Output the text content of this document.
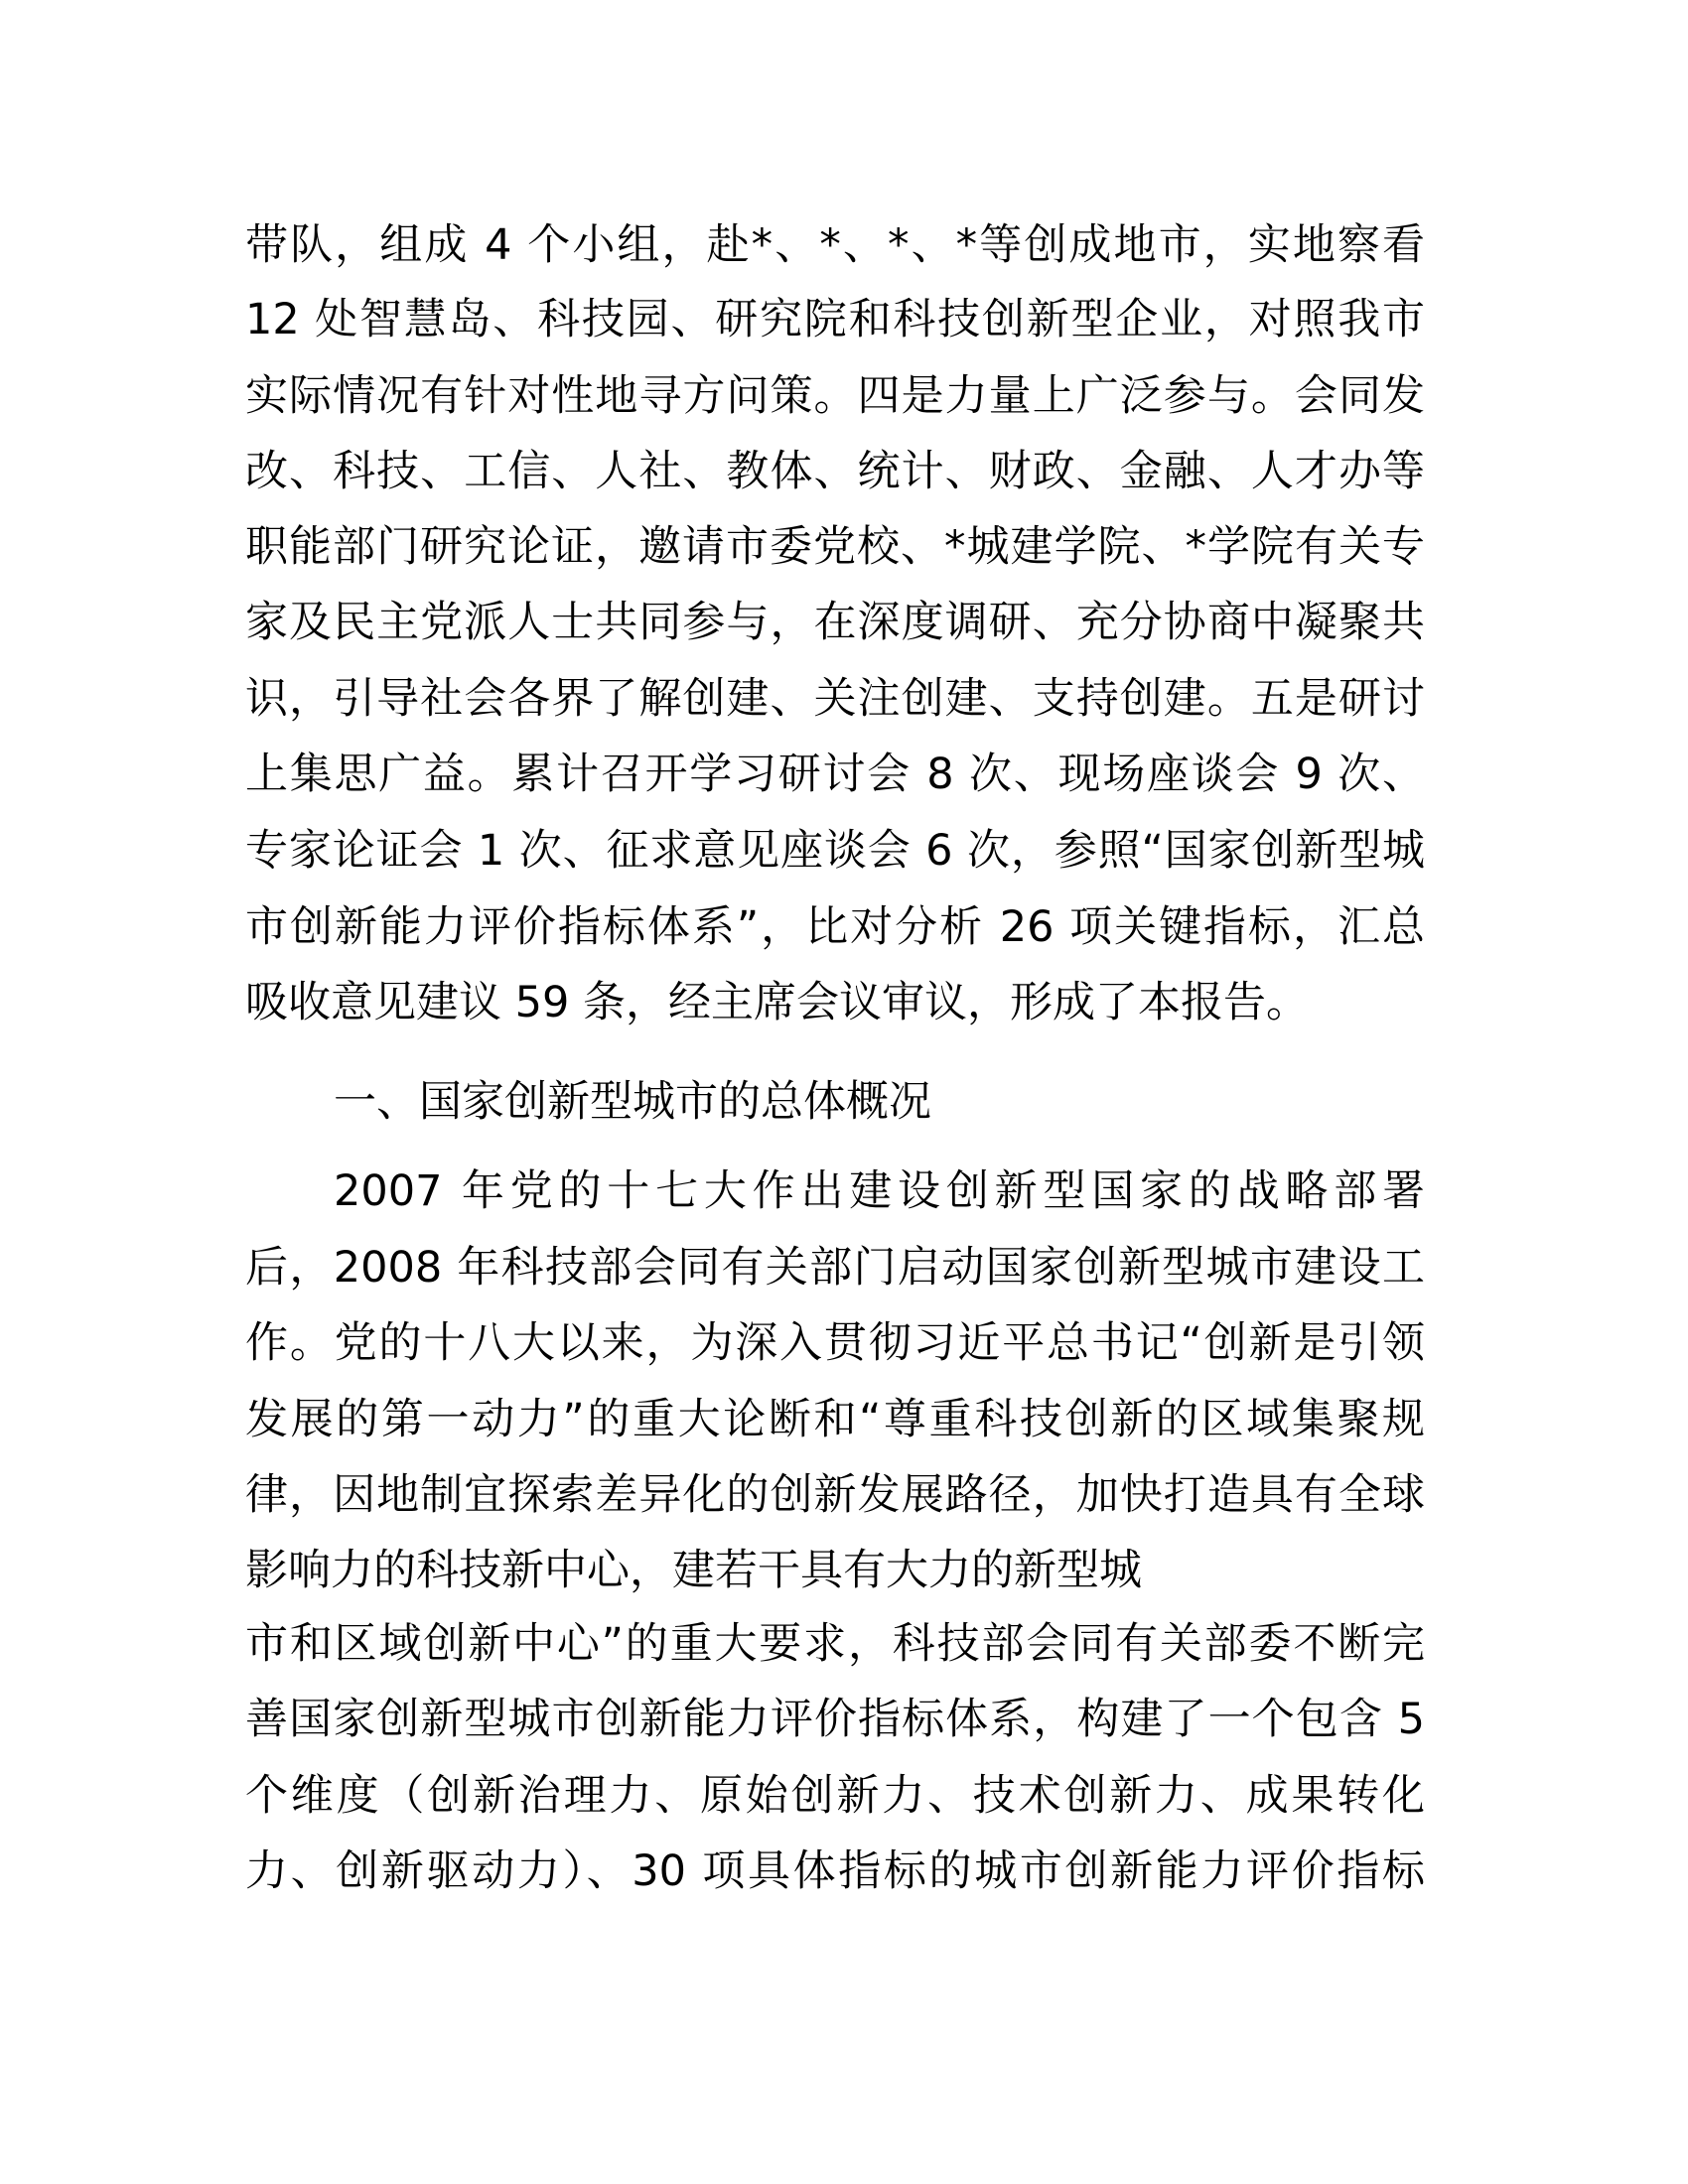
带队，组成 4 个小组，赴*、*、*、*等创成地市，实地察看
12 处智慧岛、科技园、研究院和科技创新型企业，对照我市
实际情况有针对性地寻方问策。四是力量上广泛参与。会同发
改、科技、工信、人社、教体、统计、财政、金融、人才办等
职能部门研究论证，邀请市委党校、*城建学院、*学院有关专
家及民主党派人士共同参与，在深度调研、充分协商中凝聚共
识，引导社会各界了解创建、关注创建、支持创建。五是研讨
上集思广益。累计召开学习研讨会 8 次、现场座谈会 9 次、
专家论证会 1 次、征求意见座谈会 6 次，参照“国家创新型城
市创新能力评价指标体系”，比对分析 26 项关键指标，汇总
吸收意见建议 59 条，经主席会议审议，形成了本报告。
一、国家创新型城市的总体概况
2007 年党的十七大作出建设创新型国家的战略部署
后，2008 年科技部会同有关部门启动国家创新型城市建设工
作。党的十八大以来，为深入贯彻习近平总书记“创新是引领
发展的第一动力”的重大论断和“尊重科技创新的区域集聚规
律，因地制宜探索差异化的创新发展路径，加快打造具有全球
影响力的科技新中心，建若干具有大力的新型城
市和区域创新中心”的重大要求，科技部会同有关部委不断完
善国家创新型城市创新能力评价指标体系，构建了一个包含 5
个维度（创新治理力、原始创新力、技术创新力、成果转化
力、创新驱动力）、30 项具体指标的城市创新能力评价指标
